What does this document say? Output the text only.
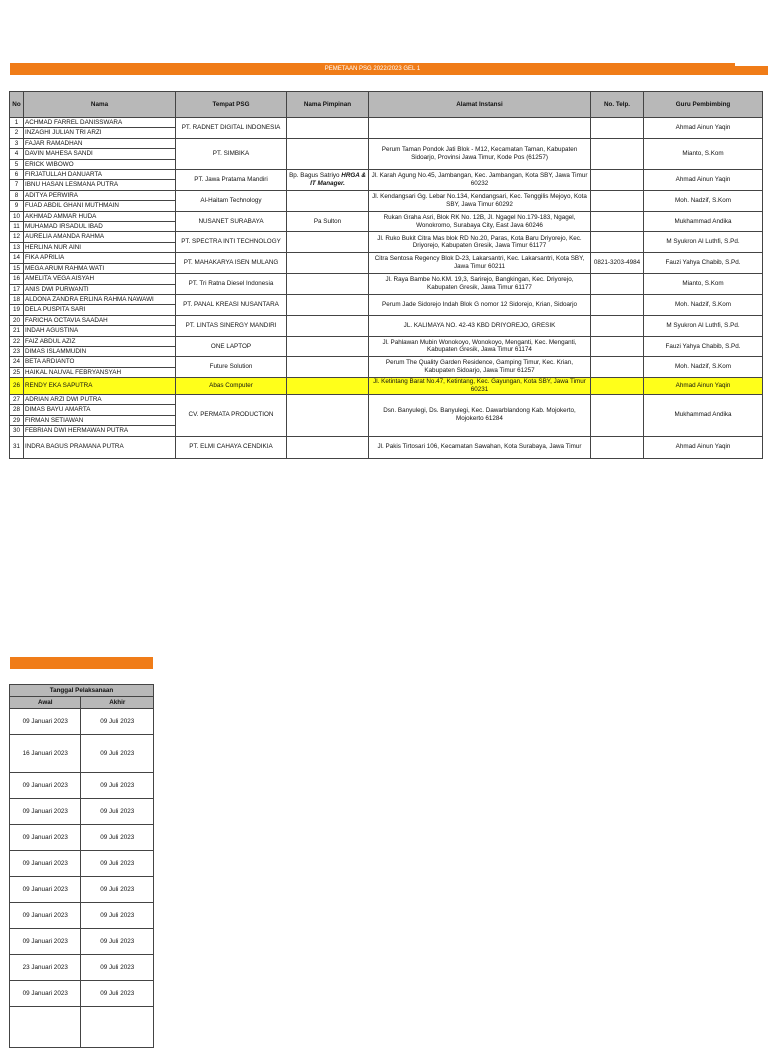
PEMETAAN PSG 2022/2023 GEL 1
No	Nama	Tempat PSG	Nama Pimpinan	Alamat Instansi	No. Telp.	Guru Pembimbing
1	ACHMAD FARREL DANISSWARA	PT. RADNET DIGITAL INDONESIA				Ahmad Ainun Yaqin
2	INZAGHI JULIAN TRI ARZI					
3	FAJAR RAMADHAN	PT. SIMBIKA		Perum Taman Pondok Jati Blok - M12, Kecamatan Taman, Kabupaten Sidoarjo, Provinsi Jawa Timur, Kode Pos (61257)		Mianto, S.Kom
4	DAVIN MAHESA SANDI					
5	ERICK WIBOWO					
6	FIRJATULLAH DANUARTA	PT. Jawa Pratama Mandiri	Bp. Bagus Satriyo HRGA & IT Manager.	Jl. Karah Agung No.45, Jambangan, Kec. Jambangan, Kota SBY, Jawa Timur 60232		Ahmad Ainun Yaqin
7	IBNU HASAN LESMANA PUTRA					
8	ADITYA PERWIRA	Al-Haitam Technology		Jl. Kendangsari Gg. Lebar No.134, Kendangsari, Kec. Tenggilis Mejoyo, Kota SBY, Jawa Timur 60292		Moh. Nadzif, S.Kom
9	FUAD ABDIL GHANI MUTHMAIN					
10	AKHMAD AMMAR HUDA	NUSANET SURABAYA	Pa Sulton	Rukan Graha Asri, Blok RK No. 12B, Jl. Ngagel No.179-183, Ngagel, Wonokromo, Surabaya City, East Java 60246		Mukhammad Andika
11	MUHAMAD IRSADUL IBAD					
12	AURELIA AMANDA RAHMA	PT. SPECTRA INTI TECHNOLOGY		Jl. Ruko Bukit Citra Mas blok RD No.20, Paras, Kota Baru Driyorejo, Kec. Driyorejo, Kabupaten Gresik, Jawa Timur 61177		M Syukron Al Luthfi, S.Pd.
13	HERLINA NUR AINI					
14	FIKA APRILIA	PT. MAHAKARYA ISEN MULANG		Citra Sentosa Regency Blok D-23, Lakarsantri, Kec. Lakarsantri, Kota SBY, Jawa Timur 60211	0821-3203-4984	Fauzi Yahya Chabib, S.Pd.
15	MEGA ARUM RAHMA WATI					
16	AMELITA VEGA AISYAH	PT. Tri Ratna Diesel Indonesia		Jl. Raya Bambe No.KM. 19,3, Sarirejo, Bangkingan, Kec. Driyorejo, Kabupaten Gresik, Jawa Timur 61177		Mianto, S.Kom
17	ANIS DWI PURWANTI					
18	ALDONA ZANDRA ERLINA RAHMA NAWAWI	PT. PANAL KREASI NUSANTARA		Perum Jade Sidorejo Indah Blok G nomor 12 Sidorejo, Krian, Sidoarjo		Moh. Nadzif, S.Kom
19	DELA PUSPITA SARI					
20	FARICHA OCTAVIA SAADAH	PT. LINTAS SINERGY MANDIRI		JL. KALIMAYA NO. 42-43 KBD DRIYOREJO, GRESIK		M Syukron Al Luthfi, S.Pd.
21	INDAH AGUSTINA					
22	FAIZ ABDUL AZIZ	ONE LAPTOP		Jl. Pahlawan Mubin Wonokoyo, Wonokoyo, Menganti, Kec. Menganti, Kabupaten Gresik, Jawa Timur 61174		Fauzi Yahya Chabib, S.Pd.
23	DIMAS ISLAMMUDIN					
24	BETA ARDIANTO	Future Solution		Perum The Quality Garden Residence, Gamping Timur, Kec. Krian, Kabupaten Sidoarjo, Jawa Timur 61257		Moh. Nadzif, S.Kom
25	HAIKAL NAUVAL FEBRYANSYAH					
26	RENDY EKA SAPUTRA	Abas Computer		Jl. Ketintang Barat No.47, Ketintang, Kec. Gayungan, Kota SBY, Jawa Timur 60231		Ahmad Ainun Yaqin
27	ADRIAN ARZI DWI PUTRA	CV. PERMATA PRODUCTION		Dsn. Banyulegi, Ds. Banyulegi, Kec. Dawarblandong Kab. Mojokerto, Mojokerto 61284		Mukhammad Andika
28	DIMAS BAYU AMARTA					
29	FIRMAN SETIAWAN					
30	FEBRIAN DWI HERMAWAN PUTRA					
31	INDRA BAGUS PRAMANA PUTRA	PT. ELMI CAHAYA CENDIKIA		Jl. Pakis Tirtosari 106, Kecamatan Sawahan, Kota Surabaya, Jawa Timur		Ahmad Ainun Yaqin
Tanggal Pelaksanaan	
Awal	Akhir
09 Januari 2023	09 Juli 2023
16 Januari 2023	09 Juli 2023
09 Januari 2023	09 Juli 2023
09 Januari 2023	09 Juli 2023
09 Januari 2023	09 Juli 2023
09 Januari 2023	09 Juli 2023
09 Januari 2023	09 Juli 2023
09 Januari 2023	09 Juli 2023
09 Januari 2023	09 Juli 2023
23 Januari 2023	09 Juli 2023
09 Januari 2023	09 Juli 2023
